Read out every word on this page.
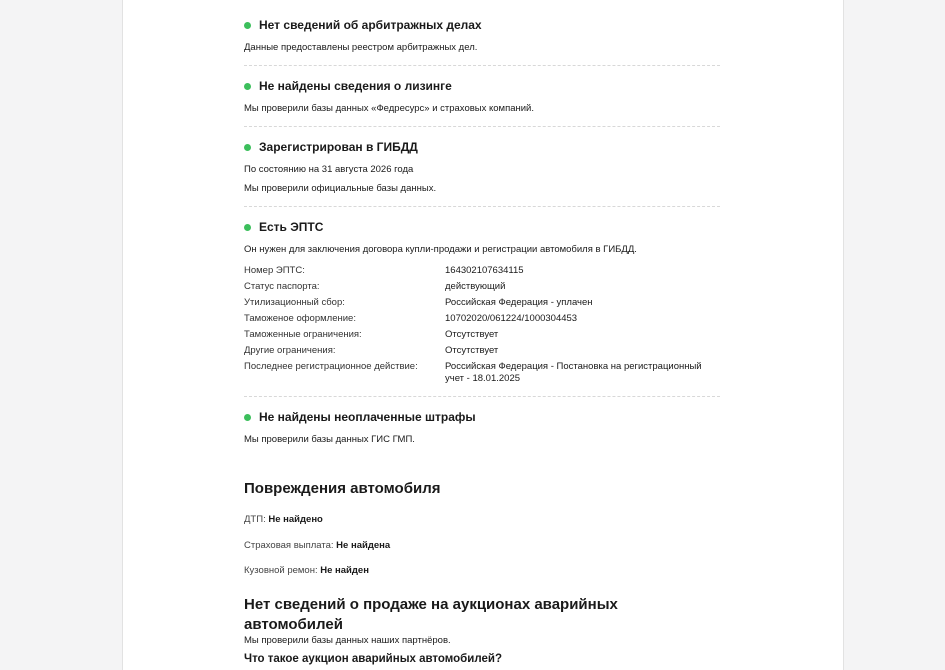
Нет сведений об арбитражных делах
Данные предоставлены реестром арбитражных дел.
Не найдены сведения о лизинге
Мы проверили базы данных «Федресурс» и страховых компаний.
Зарегистрирован в ГИБДД
По состоянию на 31 августа 2026 года
Мы проверили официальные базы данных.
Есть ЭПТС
Он нужен для заключения договора купли-продажи и регистрации автомобиля в ГИБДД.
Номер ЭПТС:	164302107634115
Статус паспорта:	действующий
Утилизационный сбор:	Российская Федерация - уплачен
Таможеное оформление:	10702020/061224/1000304453
Таможенные ограничения:	Отсутствует
Другие ограничения:	Отсутствует
Последнее регистрационное действие:	Российская Федерация - Постановка на регистрационный учет - 18.01.2025
Не найдены неоплаченные штрафы
Мы проверили базы данных ГИС ГМП.
Повреждения автомобиля
ДТП: Не найдено
Страховая выплата: Не найдена
Кузовной ремон: Не найден
Нет сведений о продаже на аукционах аварийных автомобилей
Мы проверили базы данных наших партнёров.
Что такое аукцион аварийных автомобилей?
